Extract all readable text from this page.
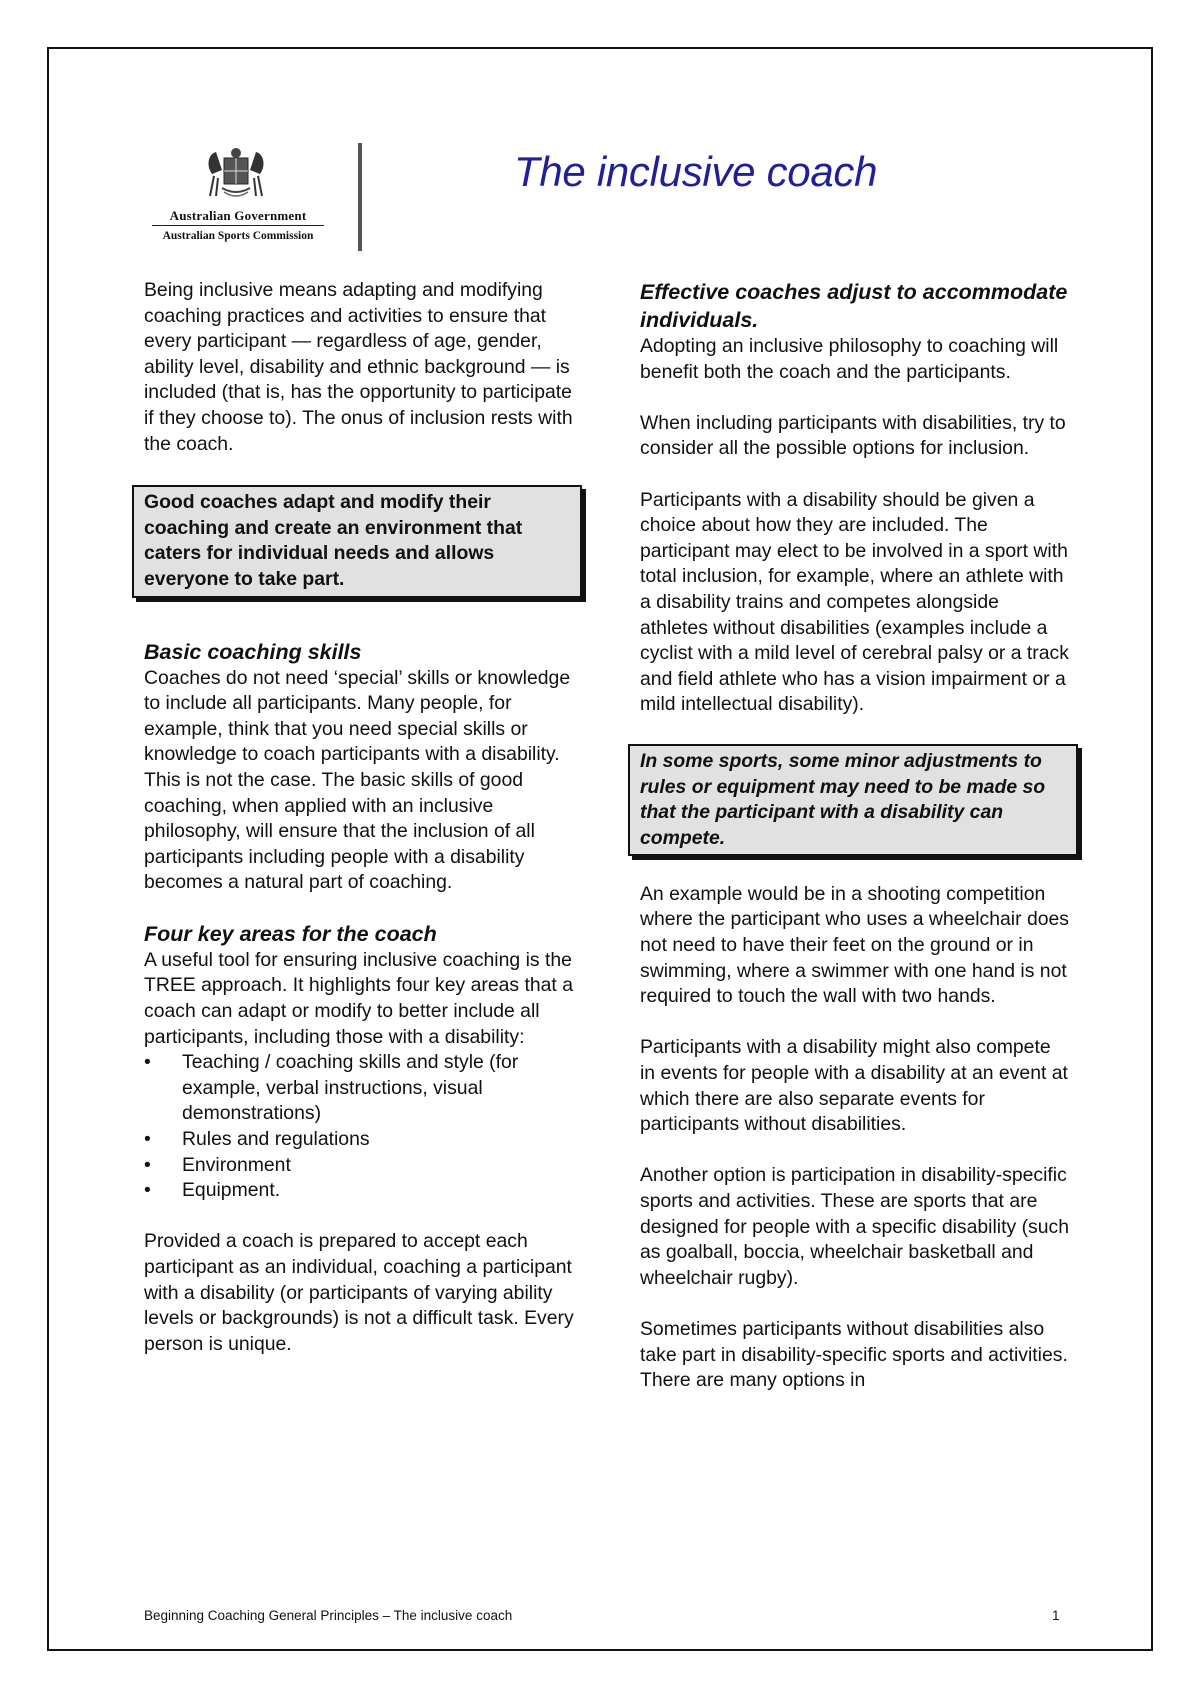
Australian Government
Australian Sports Commission
The inclusive coach

Being inclusive means adapting and modifying coaching practices and activities to ensure that every participant — regardless of age, gender, ability level, disability and ethnic background — is included (that is, has the opportunity to participate if they choose to). The onus of inclusion rests with the coach.

Good coaches adapt and modify their coaching and create an environment that caters for individual needs and allows everyone to take part.

Basic coaching skills

Coaches do not need ‘special’ skills or knowledge to include all participants. Many people, for example, think that you need special skills or knowledge to coach participants with a disability. This is not the case. The basic skills of good coaching, when applied with an inclusive philosophy, will ensure that the inclusion of all participants including people with a disability becomes a natural part of coaching.

Four key areas for the coach

A useful tool for ensuring inclusive coaching is the TREE approach. It highlights four key areas that a coach can adapt or modify to better include all participants, including those with a disability:

• Teaching / coaching skills and style (for example, verbal instructions, visual demonstrations)
• Rules and regulations
• Environment
• Equipment.

Provided a coach is prepared to accept each participant as an individual, coaching a participant with a disability (or participants of varying ability levels or backgrounds) is not a difficult task. Every person is unique.

Effective coaches adjust to accommodate individuals.

Adopting an inclusive philosophy to coaching will benefit both the coach and the participants.

When including participants with disabilities, try to consider all the possible options for inclusion.

Participants with a disability should be given a choice about how they are included. The participant may elect to be involved in a sport with total inclusion, for example, where an athlete with a disability trains and competes alongside athletes without disabilities (examples include a cyclist with a mild level of cerebral palsy or a track and field athlete who has a vision impairment or a mild intellectual disability).

In some sports, some minor adjustments to rules or equipment may need to be made so that the participant with a disability can compete.

An example would be in a shooting competition where the participant who uses a wheelchair does not need to have their feet on the ground or in swimming, where a swimmer with one hand is not required to touch the wall with two hands.

Participants with a disability might also compete in events for people with a disability at an event at which there are also separate events for participants without disabilities.

Another option is participation in disability-specific sports and activities. These are sports that are designed for people with a specific disability (such as goalball, boccia, wheelchair basketball and wheelchair rugby).

Sometimes participants without disabilities also take part in disability-specific sports and activities. There are many options in

Beginning Coaching General Principles – The inclusive coach	1
